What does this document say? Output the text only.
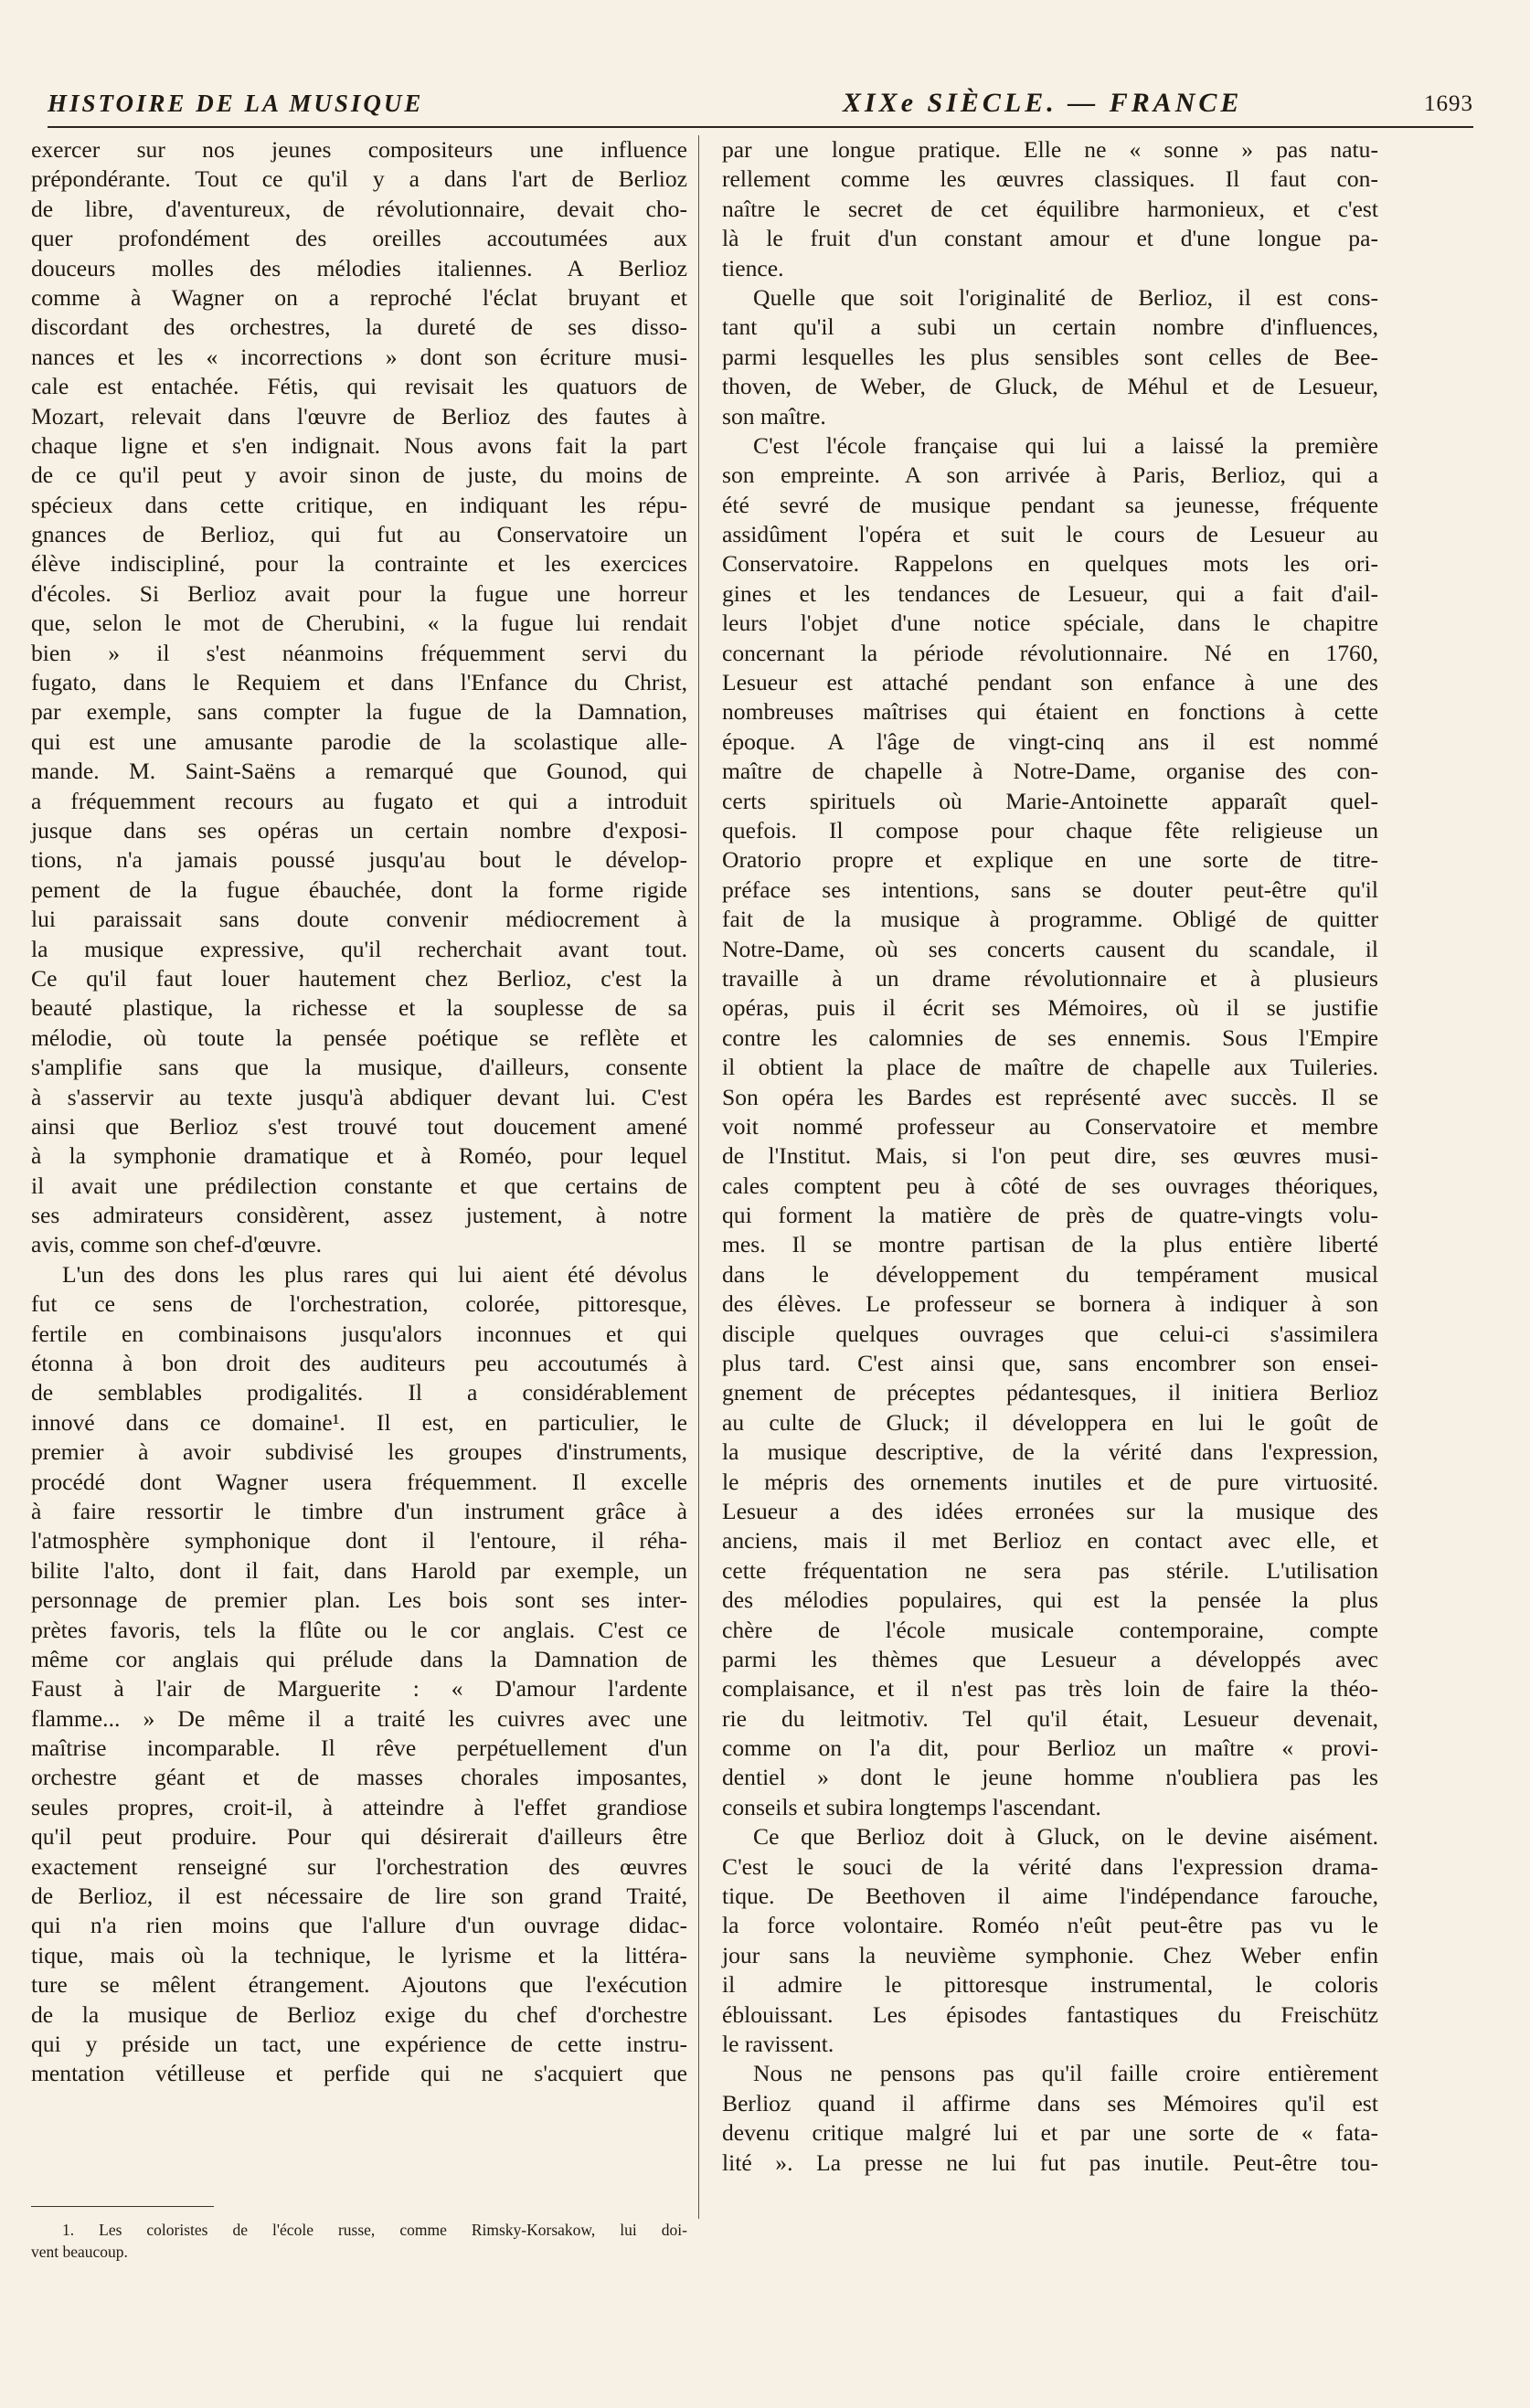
HISTOIRE DE LA MUSIQUE	XIXe SIÈCLE. — FRANCE	1693
exercer sur nos jeunes compositeurs une influence
prépondérante. Tout ce qu'il y a dans l'art de Berlioz
de libre, d'aventureux, de révolutionnaire, devait cho-
quer profondément des oreilles accoutumées aux
douceurs molles des mélodies italiennes. A Berlioz
comme à Wagner on a reproché l'éclat bruyant et
discordant des orchestres, la dureté de ses disso-
nances et les « incorrections » dont son écriture musi-
cale est entachée. Fétis, qui revisait les quatuors de
Mozart, relevait dans l'œuvre de Berlioz des fautes à
chaque ligne et s'en indignait. Nous avons fait la part
de ce qu'il peut y avoir sinon de juste, du moins de
spécieux dans cette critique, en indiquant les répu-
gnances de Berlioz, qui fut au Conservatoire un
élève indiscipliné, pour la contrainte et les exercices
d'écoles. Si Berlioz avait pour la fugue une horreur
que, selon le mot de Cherubini, « la fugue lui rendait
bien » il s'est néanmoins fréquemment servi du
fugato, dans le Requiem et dans l'Enfance du Christ,
par exemple, sans compter la fugue de la Damnation,
qui est une amusante parodie de la scolastique alle-
mande. M. Saint-Saëns a remarqué que Gounod, qui
a fréquemment recours au fugato et qui a introduit
jusque dans ses opéras un certain nombre d'exposi-
tions, n'a jamais poussé jusqu'au bout le dévelop-
pement de la fugue ébauchée, dont la forme rigide
lui paraissait sans doute convenir médiocrement à
la musique expressive, qu'il recherchait avant tout.
Ce qu'il faut louer hautement chez Berlioz, c'est la
beauté plastique, la richesse et la souplesse de sa
mélodie, où toute la pensée poétique se reflète et
s'amplifie sans que la musique, d'ailleurs, consente
à s'asservir au texte jusqu'à abdiquer devant lui. C'est
ainsi que Berlioz s'est trouvé tout doucement amené
à la symphonie dramatique et à Roméo, pour lequel
il avait une prédilection constante et que certains de
ses admirateurs considèrent, assez justement, à notre
avis, comme son chef-d'œuvre.
L'un des dons les plus rares qui lui aient été dévolus
fut ce sens de l'orchestration, colorée, pittoresque,
fertile en combinaisons jusqu'alors inconnues et qui
étonna à bon droit des auditeurs peu accoutumés à
de semblables prodigalités. Il a considérablement
innové dans ce domaine¹. Il est, en particulier, le
premier à avoir subdivisé les groupes d'instruments,
procédé dont Wagner usera fréquemment. Il excelle
à faire ressortir le timbre d'un instrument grâce à
l'atmosphère symphonique dont il l'entoure, il réha-
bilite l'alto, dont il fait, dans Harold par exemple, un
personnage de premier plan. Les bois sont ses inter-
prètes favoris, tels la flûte ou le cor anglais. C'est ce
même cor anglais qui prélude dans la Damnation de
Faust à l'air de Marguerite : « D'amour l'ardente
flamme... » De même il a traité les cuivres avec une
maîtrise incomparable. Il rêve perpétuellement d'un
orchestre géant et de masses chorales imposantes,
seules propres, croit-il, à atteindre à l'effet grandiose
qu'il peut produire. Pour qui désirerait d'ailleurs être
exactement renseigné sur l'orchestration des œuvres
de Berlioz, il est nécessaire de lire son grand Traité,
qui n'a rien moins que l'allure d'un ouvrage didac-
tique, mais où la technique, le lyrisme et la littéra-
ture se mêlent étrangement. Ajoutons que l'exécution
de la musique de Berlioz exige du chef d'orchestre
qui y préside un tact, une expérience de cette instru-
mentation vétilleuse et perfide qui ne s'acquiert que
par une longue pratique. Elle ne « sonne » pas natu-
rellement comme les œuvres classiques. Il faut con-
naître le secret de cet équilibre harmonieux, et c'est
là le fruit d'un constant amour et d'une longue pa-
tience.
Quelle que soit l'originalité de Berlioz, il est cons-
tant qu'il a subi un certain nombre d'influences,
parmi lesquelles les plus sensibles sont celles de Bee-
thoven, de Weber, de Gluck, de Méhul et de Lesueur,
son maître.
C'est l'école française qui lui a laissé la première
son empreinte. A son arrivée à Paris, Berlioz, qui a
été sevré de musique pendant sa jeunesse, fréquente
assidûment l'opéra et suit le cours de Lesueur au
Conservatoire. Rappelons en quelques mots les ori-
gines et les tendances de Lesueur, qui a fait d'ail-
leurs l'objet d'une notice spéciale, dans le chapitre
concernant la période révolutionnaire. Né en 1760,
Lesueur est attaché pendant son enfance à une des
nombreuses maîtrises qui étaient en fonctions à cette
époque. A l'âge de vingt-cinq ans il est nommé
maître de chapelle à Notre-Dame, organise des con-
certs spirituels où Marie-Antoinette apparaît quel-
quefois. Il compose pour chaque fête religieuse un
Oratorio propre et explique en une sorte de titre-
préface ses intentions, sans se douter peut-être qu'il
fait de la musique à programme. Obligé de quitter
Notre-Dame, où ses concerts causent du scandale, il
travaille à un drame révolutionnaire et à plusieurs
opéras, puis il écrit ses Mémoires, où il se justifie
contre les calomnies de ses ennemis. Sous l'Empire
il obtient la place de maître de chapelle aux Tuileries.
Son opéra les Bardes est représenté avec succès. Il se
voit nommé professeur au Conservatoire et membre
de l'Institut. Mais, si l'on peut dire, ses œuvres musi-
cales comptent peu à côté de ses ouvrages théoriques,
qui forment la matière de près de quatre-vingts volu-
mes. Il se montre partisan de la plus entière liberté
dans le développement du tempérament musical
des élèves. Le professeur se bornera à indiquer à son
disciple quelques ouvrages que celui-ci s'assimilera
plus tard. C'est ainsi que, sans encombrer son ensei-
gnement de préceptes pédantesques, il initiera Berlioz
au culte de Gluck; il développera en lui le goût de
la musique descriptive, de la vérité dans l'expression,
le mépris des ornements inutiles et de pure virtuosité.
Lesueur a des idées erronées sur la musique des
anciens, mais il met Berlioz en contact avec elle, et
cette fréquentation ne sera pas stérile. L'utilisation
des mélodies populaires, qui est la pensée la plus
chère de l'école musicale contemporaine, compte
parmi les thèmes que Lesueur a développés avec
complaisance, et il n'est pas très loin de faire la théo-
rie du leitmotiv. Tel qu'il était, Lesueur devenait,
comme on l'a dit, pour Berlioz un maître « provi-
dentiel » dont le jeune homme n'oubliera pas les
conseils et subira longtemps l'ascendant.
Ce que Berlioz doit à Gluck, on le devine aisément.
C'est le souci de la vérité dans l'expression drama-
tique. De Beethoven il aime l'indépendance farouche,
la force volontaire. Roméo n'eût peut-être pas vu le
jour sans la neuvième symphonie. Chez Weber enfin
il admire le pittoresque instrumental, le coloris
éblouissant. Les épisodes fantastiques du Freischütz
le ravissent.
Nous ne pensons pas qu'il faille croire entièrement
Berlioz quand il affirme dans ses Mémoires qu'il est
devenu critique malgré lui et par une sorte de « fata-
lité ». La presse ne lui fut pas inutile. Peut-être tou-
1. Les coloristes de l'école russe, comme Rimsky-Korsakow, lui doi-
vent beaucoup.
